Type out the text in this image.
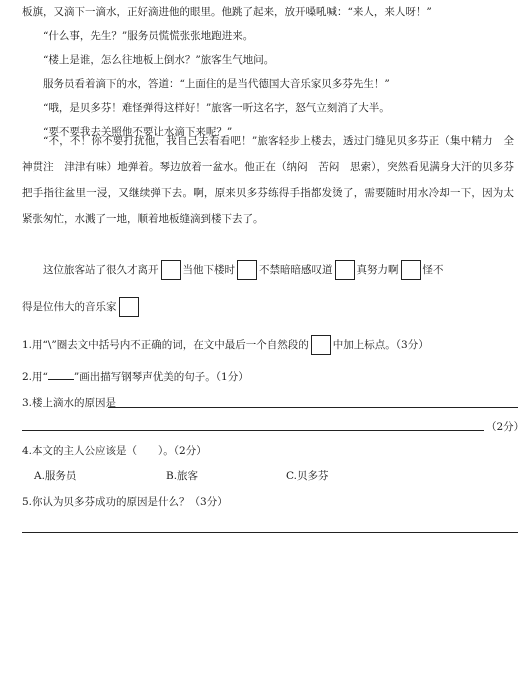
板旗，又滴下一滴水，正好滴进他的眼里。他跳了起来，放开嗓吼喊：“来人，来人呀！”
“什么事，先生？”服务员慌慌张张地跑进来。
“楼上是谁，怎么往地板上倒水？”旅客生气地问。
服务员看着滴下的水，答道：“上面住的是当代德国大音乐家贝多芬先生！”
“哦，是贝多芬！难怪弹得这样好！”旅客一听这名字，怒气立刻消了大半。
“要不要我去关照他不要让水滴下来呢？”
“不，不！你不要打扰他，我自己去看看吧！”旅客轻步上楼去，透过门缝见贝多芬正（集中精力　全神贯注　津津有味）地弹着。琴边放着一盆水。他正在（纳闷　苦闷　思索），突然看见满身大汗的贝多芬把手指往盆里一浸，又继续弹下去。啊，原来贝多芬练得手指都发烫了，需要随时用水冷却一下，因为太紧张匆忙，水溅了一地，顺着地板缝滴到楼下去了。
这位旅客站了很久才离开 当他下楼时 不禁暗暗感叹道 真努力啊 怪不
得是位伟大的音乐家
1.用“\”圈去文中括号内不正确的词，在文中最后一个自然段的 中加上标点。（3分）
2.用“ ”画出描写钢琴声优美的句子。（1分）
3.楼上滴水的原因是
（2分）
4.本文的主人公应该是（　　）。（2分）
A.服务员	B.旅客	C.贝多芬
5.你认为贝多芬成功的原因是什么？（3分）
